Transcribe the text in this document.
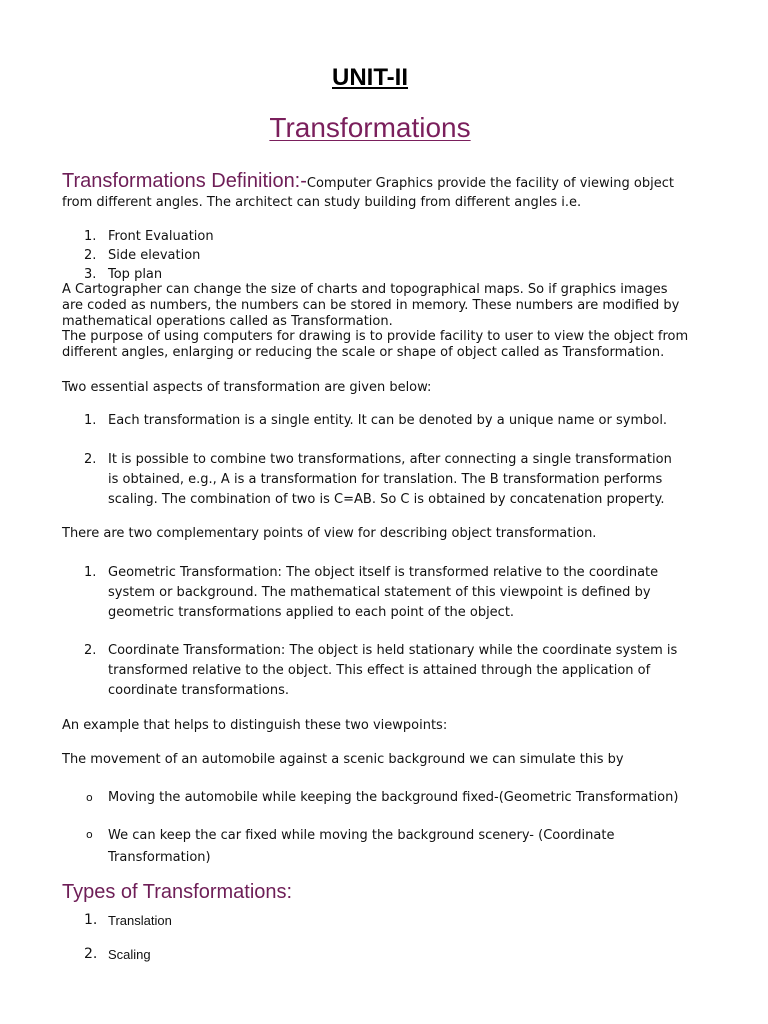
UNIT-II
Transformations
Transformations Definition:-Computer Graphics provide the facility of viewing object from different angles. The architect can study building from different angles i.e.
1. Front Evaluation
2. Side elevation
3. Top plan
A Cartographer can change the size of charts and topographical maps. So if graphics images are coded as numbers, the numbers can be stored in memory. These numbers are modified by mathematical operations called as Transformation.
The purpose of using computers for drawing is to provide facility to user to view the object from different angles, enlarging or reducing the scale or shape of object called as Transformation.
Two essential aspects of transformation are given below:
1. Each transformation is a single entity. It can be denoted by a unique name or symbol.
2. It is possible to combine two transformations, after connecting a single transformation is obtained, e.g., A is a transformation for translation. The B transformation performs scaling. The combination of two is C=AB. So C is obtained by concatenation property.
There are two complementary points of view for describing object transformation.
1. Geometric Transformation: The object itself is transformed relative to the coordinate system or background. The mathematical statement of this viewpoint is defined by geometric transformations applied to each point of the object.
2. Coordinate Transformation: The object is held stationary while the coordinate system is transformed relative to the object. This effect is attained through the application of coordinate transformations.
An example that helps to distinguish these two viewpoints:
The movement of an automobile against a scenic background we can simulate this by
o Moving the automobile while keeping the background fixed-(Geometric Transformation)
o We can keep the car fixed while moving the background scenery- (Coordinate Transformation)
Types of Transformations:
1. Translation
2. Scaling
